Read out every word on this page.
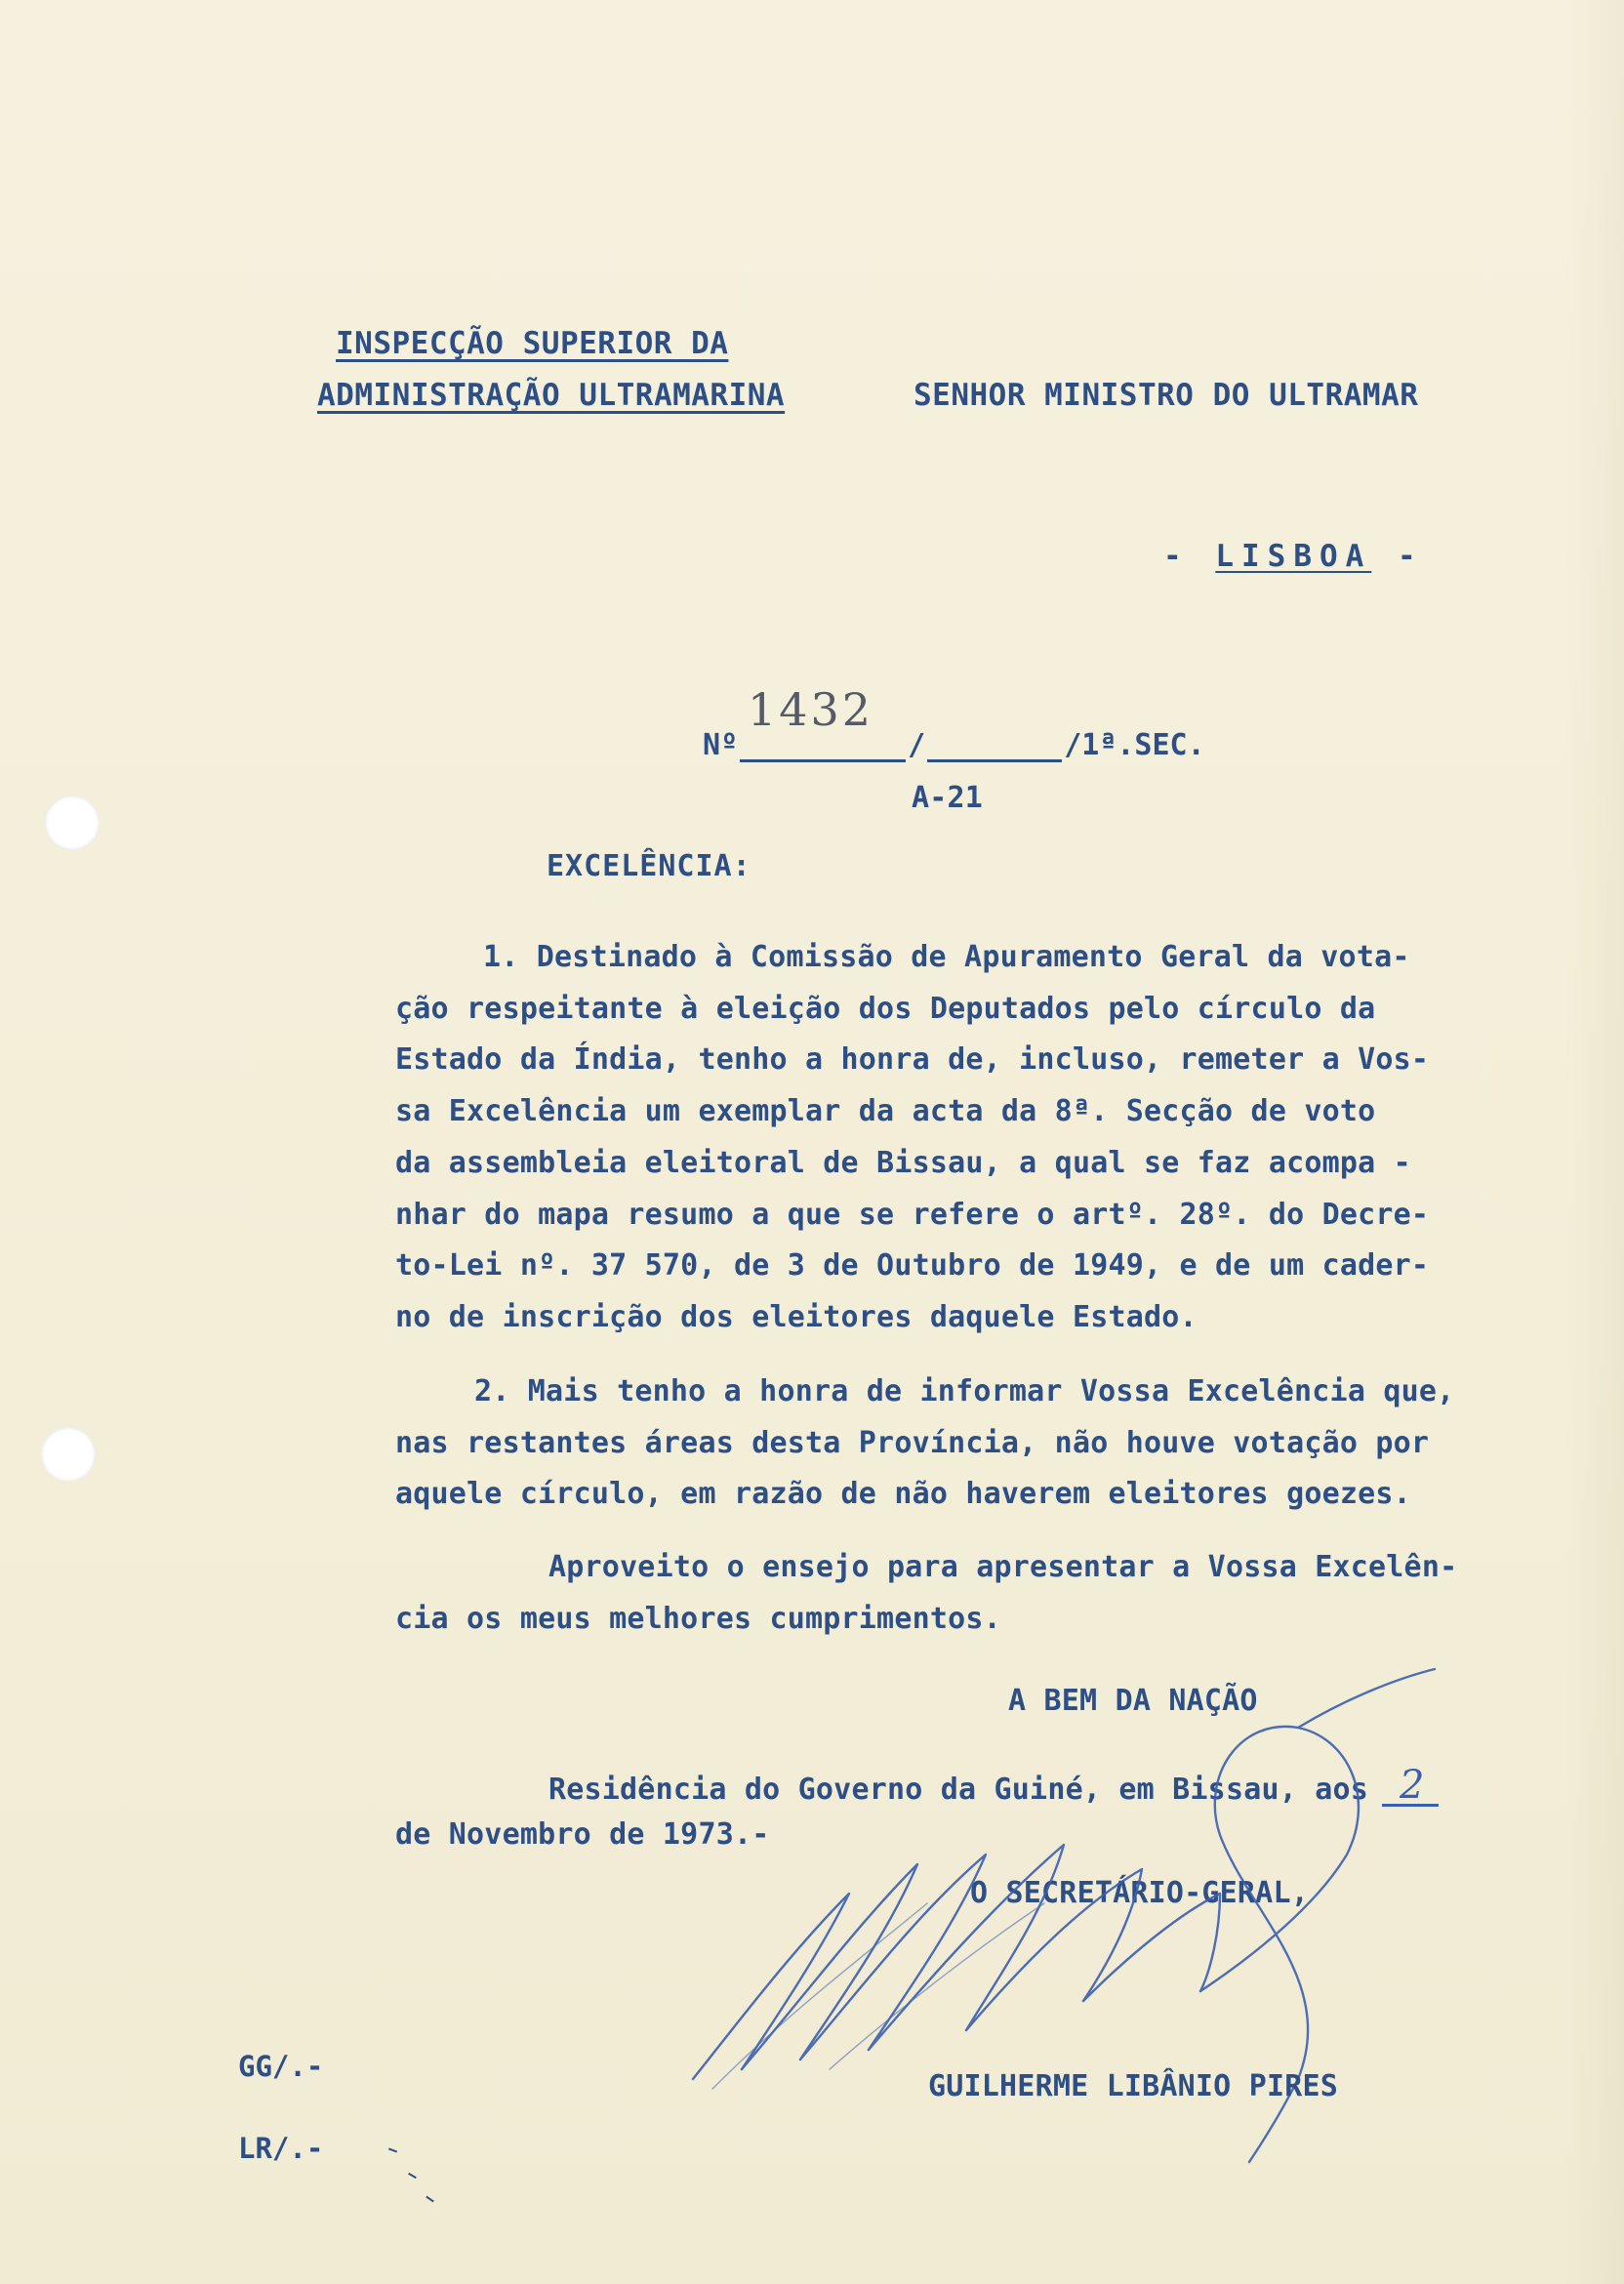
INSPECÇÃO SUPERIOR DA
ADMINISTRAÇÃO ULTRAMARINA	SENHOR MINISTRO DO ULTRAMAR
- LISBOA -
1432
Nº	/	/1ª.SEC.
A-21
EXCELÊNCIA:
1. Destinado à Comissão de Apuramento Geral da vota-
ção respeitante à eleição dos Deputados pelo círculo da
Estado da Índia, tenho a honra de, incluso, remeter a Vos-
sa Excelência um exemplar da acta da 8ª. Secção de voto
da assembleia eleitoral de Bissau, a qual se faz acompa -
nhar do mapa resumo a que se refere o artº. 28º. do Decre-
to-Lei nº. 37 570, de 3 de Outubro de 1949, e de um cader-
no de inscrição dos eleitores daquele Estado.
2. Mais tenho a honra de informar Vossa Excelência que,
nas restantes áreas desta Província, não houve votação por
aquele círculo, em razão de não haverem eleitores goezes.
Aproveito o ensejo para apresentar a Vossa Excelên-
cia os meus melhores cumprimentos.
A BEM DA NAÇÃO
Residência do Governo da Guiné, em Bissau, aos 2
de Novembro de 1973.-
O SECRETÁRIO-GERAL,
GUILHERME LIBÂNIO PIRES
GG/.-
LR/.-
